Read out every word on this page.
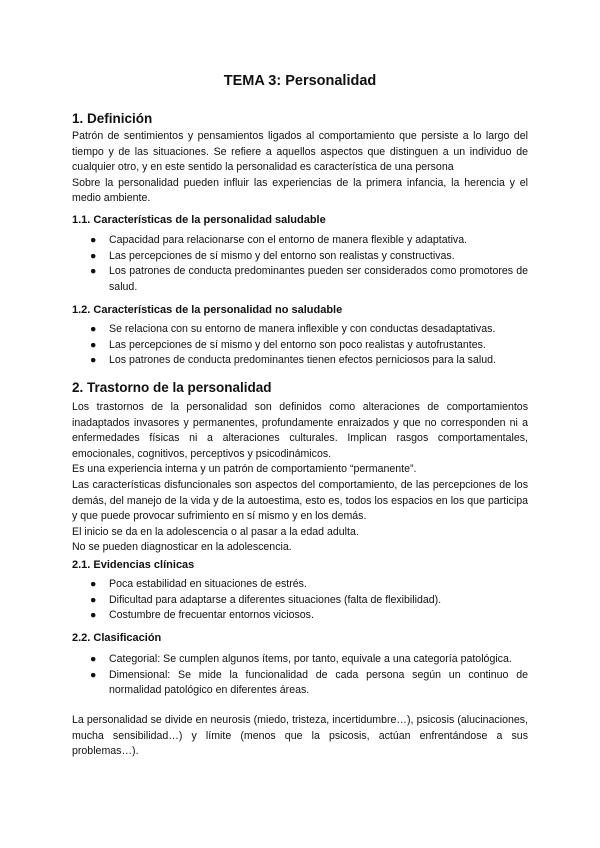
TEMA 3: Personalidad
1. Definición

Patrón de sentimientos y pensamientos ligados al comportamiento que persiste a lo largo del tiempo y de las situaciones. Se refiere a aquellos aspectos que distinguen a un individuo de cualquier otro, y en este sentido la personalidad es característica de una persona

Sobre la personalidad pueden influir las experiencias de la primera infancia, la herencia y el medio ambiente.

1.1. Características de la personalidad saludable
● Capacidad para relacionarse con el entorno de manera flexible y adaptativa.
● Las percepciones de sí mismo y del entorno son realistas y constructivas.
● Los patrones de conducta predominantes pueden ser considerados como promotores de salud.
1.2. Características de la personalidad no saludable
● Se relaciona con su entorno de manera inflexible y con conductas desadaptativas.
● Las percepciones de sí mismo y del entorno son poco realistas y autofrustantes.
● Los patrones de conducta predominantes tienen efectos perniciosos para la salud.
2. Trastorno de la personalidad

Los trastornos de la personalidad son definidos como alteraciones de comportamientos inadaptados invasores y permanentes, profundamente enraizados y que no corresponden ni a enfermedades físicas ni a alteraciones culturales. Implican rasgos comportamentales, emocionales, cognitivos, perceptivos y psicodinámicos.

Es una experiencia interna y un patrón de comportamiento “permanente”.

Las características disfuncionales son aspectos del comportamiento, de las percepciones de los demás, del manejo de la vida y de la autoestima, esto es, todos los espacios en los que participa y que puede provocar sufrimiento en sí mismo y en los demás.

El inicio se da en la adolescencia o al pasar a la edad adulta.

No se pueden diagnosticar en la adolescencia.

2.1. Evidencias clínicas
● Poca estabilidad en situaciones de estrés.
● Dificultad para adaptarse a diferentes situaciones (falta de flexibilidad).
● Costumbre de frecuentar entornos viciosos.
2.2. Clasificación
● Categorial: Se cumplen algunos ítems, por tanto, equivale a una categoría patológica.
● Dimensional: Se mide la funcionalidad de cada persona según un continuo de normalidad patológico en diferentes áreas.

La personalidad se divide en neurosis (miedo, tristeza, incertidumbre…), psicosis (alucinaciones, mucha sensibilidad…) y límite (menos que la psicosis, actúan enfrentándose a sus problemas…).
